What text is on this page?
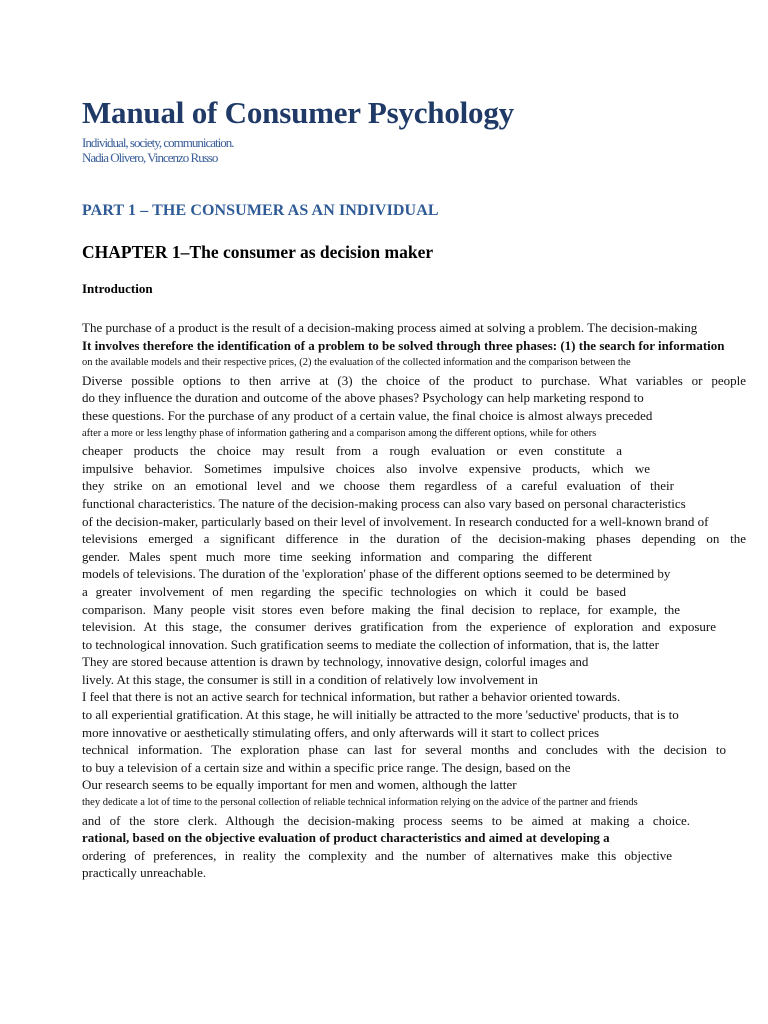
Manual of Consumer Psychology
Individual, society, communication.
Nadia Olivero, Vincenzo Russo
PART 1 – THE CONSUMER AS AN INDIVIDUAL
CHAPTER 1–The consumer as decision maker
Introduction
The purchase of a product is the result of a decision-making process aimed at solving a problem. The decision-making
It involves therefore the identification of a problem to be solved through three phases: (1) the search for information
on the available models and their respective prices, (2) the evaluation of the collected information and the comparison between the
Diverse possible options to then arrive at (3) the choice of the product to purchase. What variables or people
do they influence the duration and outcome of the above phases? Psychology can help marketing respond to
these questions. For the purchase of any product of a certain value, the final choice is almost always preceded
after a more or less lengthy phase of information gathering and a comparison among the different options, while for others
cheaper products the choice may result from a rough evaluation or even constitute a
impulsive behavior. Sometimes impulsive choices also involve expensive products, which we
they strike on an emotional level and we choose them regardless of a careful evaluation of their
functional characteristics. The nature of the decision-making process can also vary based on personal characteristics
of the decision-maker, particularly based on their level of involvement. In research conducted for a well-known brand of
televisions emerged a significant difference in the duration of the decision-making phases depending on the
gender. Males spent much more time seeking information and comparing the different
models of televisions. The duration of the 'exploration' phase of the different options seemed to be determined by
a greater involvement of men regarding the specific technologies on which it could be based
comparison. Many people visit stores even before making the final decision to replace, for example, the
television. At this stage, the consumer derives gratification from the experience of exploration and exposure
to technological innovation. Such gratification seems to mediate the collection of information, that is, the latter
They are stored because attention is drawn by technology, innovative design, colorful images and
lively. At this stage, the consumer is still in a condition of relatively low involvement in
I feel that there is not an active search for technical information, but rather a behavior oriented towards.
to all experiential gratification. At this stage, he will initially be attracted to the more 'seductive' products, that is to
more innovative or aesthetically stimulating offers, and only afterwards will it start to collect prices
technical information. The exploration phase can last for several months and concludes with the decision to
to buy a television of a certain size and within a specific price range. The design, based on the
Our research seems to be equally important for men and women, although the latter
they dedicate a lot of time to the personal collection of reliable technical information relying on the advice of the partner and friends
and of the store clerk. Although the decision-making process seems to be aimed at making a choice.
rational, based on the objective evaluation of product characteristics and aimed at developing a
ordering of preferences, in reality the complexity and the number of alternatives make this objective
practically unreachable.
